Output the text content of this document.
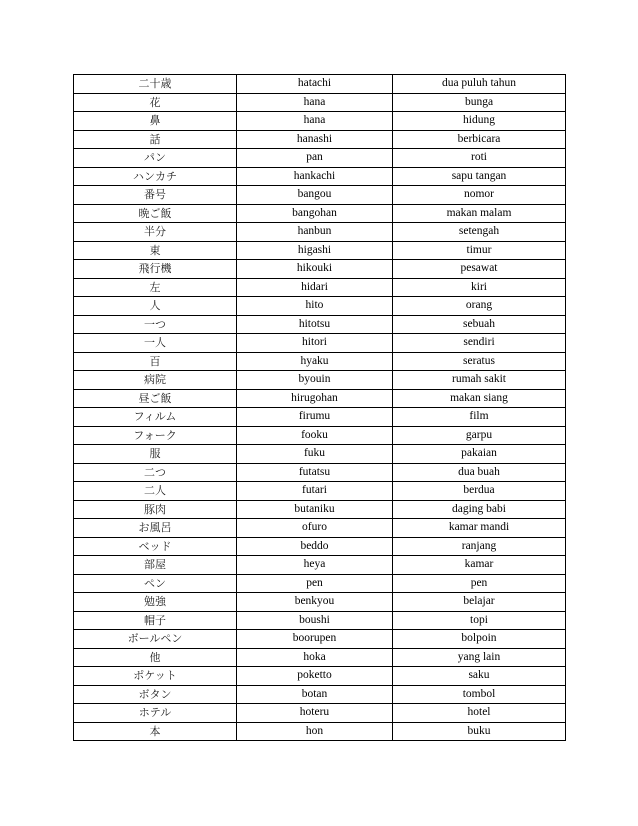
二十歳	hatachi	dua puluh tahun
花	hana	bunga
鼻	hana	hidung
話	hanashi	berbicara
パン	pan	roti
ハンカチ	hankachi	sapu tangan
番号	bangou	nomor
晩ご飯	bangohan	makan malam
半分	hanbun	setengah
東	higashi	timur
飛行機	hikouki	pesawat
左	hidari	kiri
人	hito	orang
一つ	hitotsu	sebuah
一人	hitori	sendiri
百	hyaku	seratus
病院	byouin	rumah sakit
昼ご飯	hirugohan	makan siang
フィルム	firumu	film
フォーク	fooku	garpu
服	fuku	pakaian
二つ	futatsu	dua buah
二人	futari	berdua
豚肉	butaniku	daging babi
お風呂	ofuro	kamar mandi
ベッド	beddo	ranjang
部屋	heya	kamar
ペン	pen	pen
勉強	benkyou	belajar
帽子	boushi	topi
ボールペン	boorupen	bolpoin
他	hoka	yang lain
ポケット	poketto	saku
ボタン	botan	tombol
ホテル	hoteru	hotel
本	hon	buku
